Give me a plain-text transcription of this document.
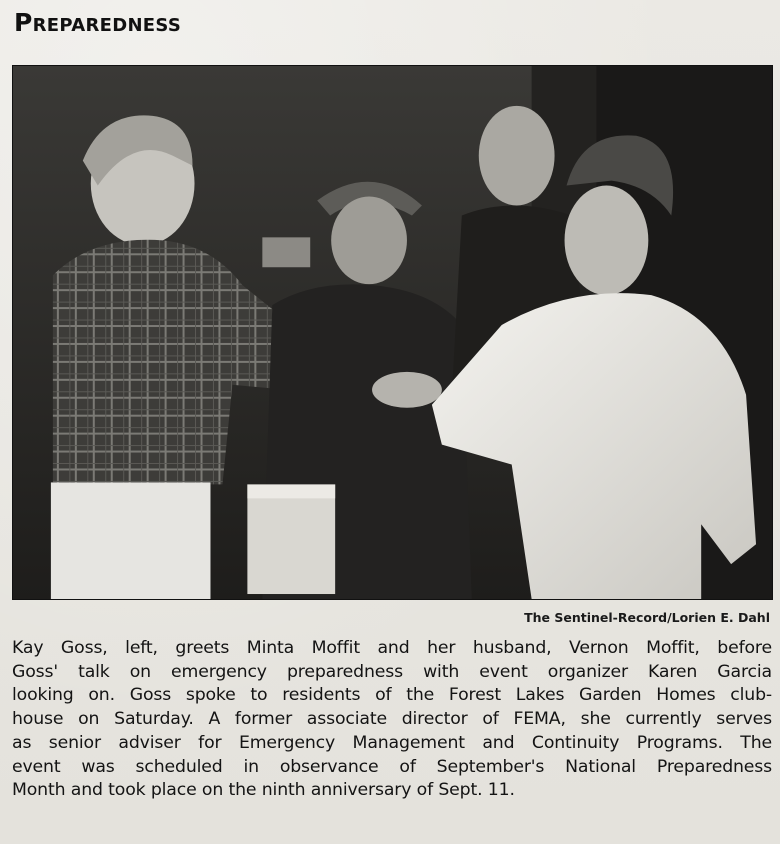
Preparedness
The Sentinel-Record/Lorien E. Dahl
Kay Goss, left, greets Minta Moffit and her husband, Vernon Moffit, before
Goss' talk on emergency preparedness with event organizer Karen Garcia
looking on. Goss spoke to residents of the Forest Lakes Garden Homes club-
house on Saturday. A former associate director of FEMA, she currently serves
as senior adviser for Emergency Management and Continuity Programs. The
event was scheduled in observance of September's National Preparedness
Month and took place on the ninth anniversary of Sept. 11.
